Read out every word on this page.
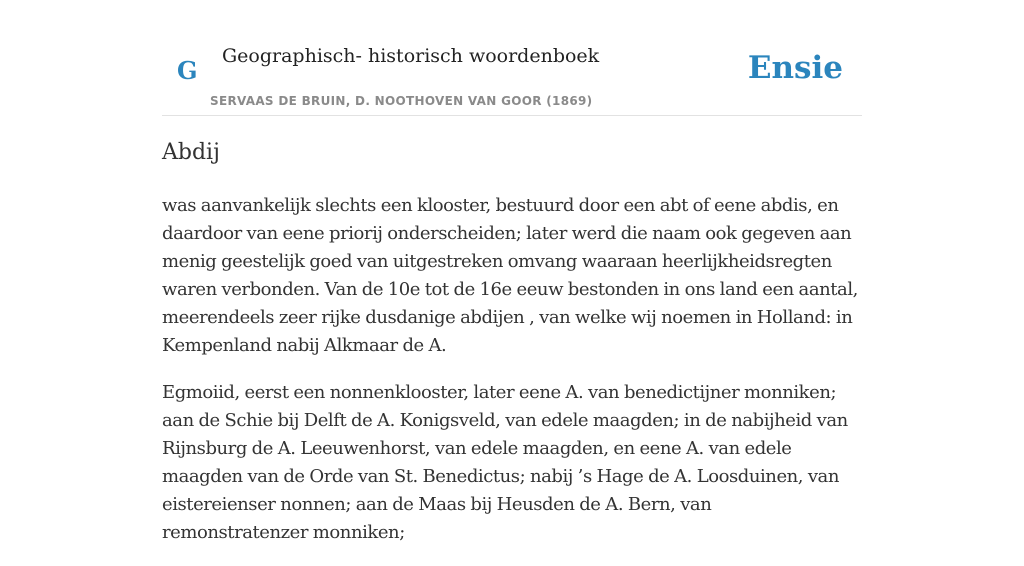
G Geographisch- historisch woordenboek
SERVAAS DE BRUIN, D. NOOTHOVEN VAN GOOR (1869)
Ensie
Abdij

was aanvankelijk slechts een klooster, bestuurd door een abt of eene abdis, en daardoor van eene priorij onderscheiden; later werd die naam ook gegeven aan menig geestelijk goed van uitgestreken omvang waaraan heerlijkheidsregten waren verbonden. Van de 10e tot de 16e eeuw bestonden in ons land een aantal, meerendeels zeer rijke dusdanige abdijen , van welke wij noemen in Holland: in Kempenland nabij Alkmaar de A.

Egmoiid, eerst een nonnenklooster, later eene A. van benedictijner monniken; aan de Schie bij Delft de A. Konigsveld, van edele maagden; in de nabijheid van Rijnsburg de A. Leeuwenhorst, van edele maagden, en eene A. van edele maagden van de Orde van St. Benedictus; nabij ’s Hage de A. Loosduinen, van eistereienser nonnen; aan de Maas bij Heusden de A. Bern, van remonstratenzer monniken;
